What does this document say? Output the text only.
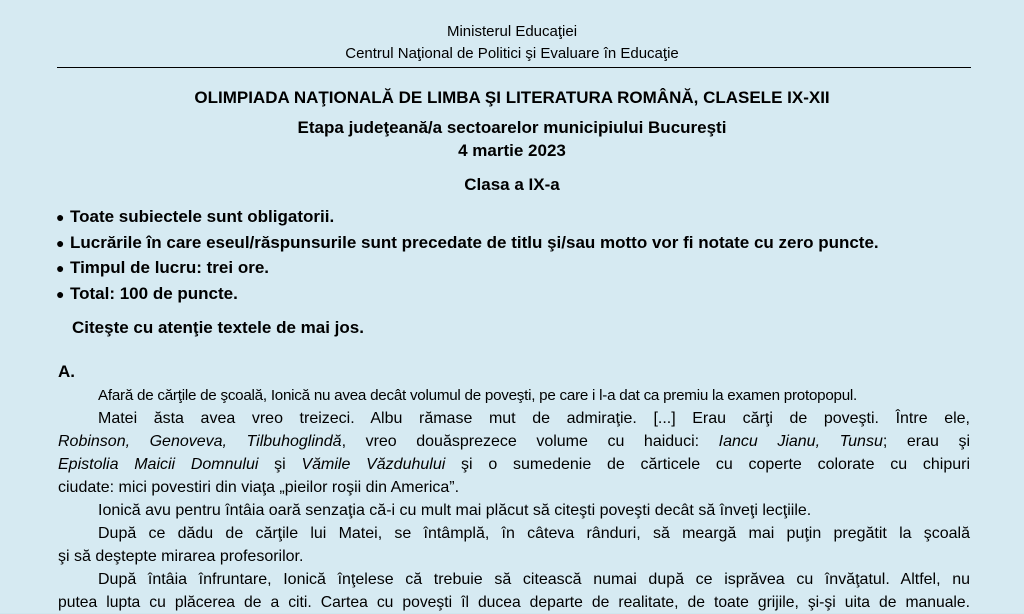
Ministerul Educaţiei
Centrul Naţional de Politici şi Evaluare în Educaţie
OLIMPIADA NAŢIONALĂ DE LIMBA ŞI LITERATURA ROMÂNĂ, CLASELE IX-XII
Etapa judeţeană/a sectoarelor municipiului Bucureşti
4 martie 2023
Clasa a IX-a
● Toate subiectele sunt obligatorii.
● Lucrările în care eseul/răspunsurile sunt precedate de titlu şi/sau motto vor fi notate cu zero puncte.
● Timpul de lucru: trei ore.
● Total: 100 de puncte.
Citeşte cu atenţie textele de mai jos.
A.
Afară de cărţile de şcoală, Ionică nu avea decât volumul de poveşti, pe care i l-a dat ca premiu la examen protopopul.
Matei ăsta avea vreo treizeci. Albu rămase mut de admiraţie. [...] Erau cărţi de poveşti. Între ele,
Robinson, Genoveva, Tilbuhoglindă, vreo douăsprezece volume cu haiduci: Iancu Jianu, Tunsu; erau şi
Epistolia Maicii Domnului şi Vămile Văzduhului şi o sumedenie de cărticele cu coperte colorate cu chipuri
ciudate: mici povestiri din viaţa „pieilor roşii din America”.
Ionică avu pentru întâia oară senzaţia că-i cu mult mai plăcut să citeşti poveşti decât să înveţi lecţiile.
După ce dădu de cărţile lui Matei, se întâmplă, în câteva rânduri, să meargă mai puţin pregătit la şcoală
şi să deştepte mirarea profesorilor.
După întâia înfruntare, Ionică înţelese că trebuie să citească numai după ce isprăvea cu învăţatul. Altfel, nu
putea lupta cu plăcerea de a citi. Cartea cu poveşti îl ducea departe de realitate, de toate grijile, şi-şi uita de manuale.
